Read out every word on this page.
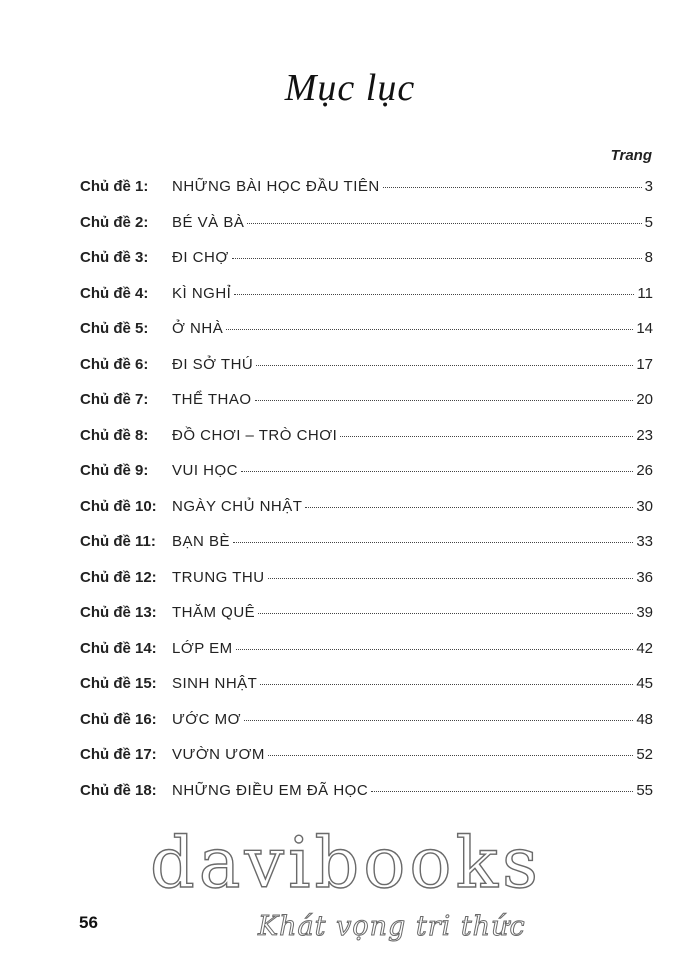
Mục lục
Trang
Chủ đề 1:	NHỮNG BÀI HỌC ĐẦU TIÊN	3
Chủ đề 2:	BÉ VÀ BÀ	5
Chủ đề 3:	ĐI CHỢ	8
Chủ đề 4:	KÌ NGHỈ	11
Chủ đề 5:	Ở NHÀ	14
Chủ đề 6:	ĐI SỞ THÚ	17
Chủ đề 7:	THỂ THAO	20
Chủ đề 8:	ĐỒ CHƠI – TRÒ CHƠI	23
Chủ đề 9:	VUI HỌC	26
Chủ đề 10:	NGÀY CHỦ NHẬT	30
Chủ đề 11:	BẠN BÈ	33
Chủ đề 12:	TRUNG THU	36
Chủ đề 13:	THĂM QUÊ	39
Chủ đề 14:	LỚP EM	42
Chủ đề 15:	SINH NHẬT	45
Chủ đề 16:	ƯỚC MƠ	48
Chủ đề 17:	VƯỜN ƯƠM	52
Chủ đề 18:	NHỮNG ĐIỀU EM ĐÃ HỌC	55
davibooks
56	Khát vọng tri thức
